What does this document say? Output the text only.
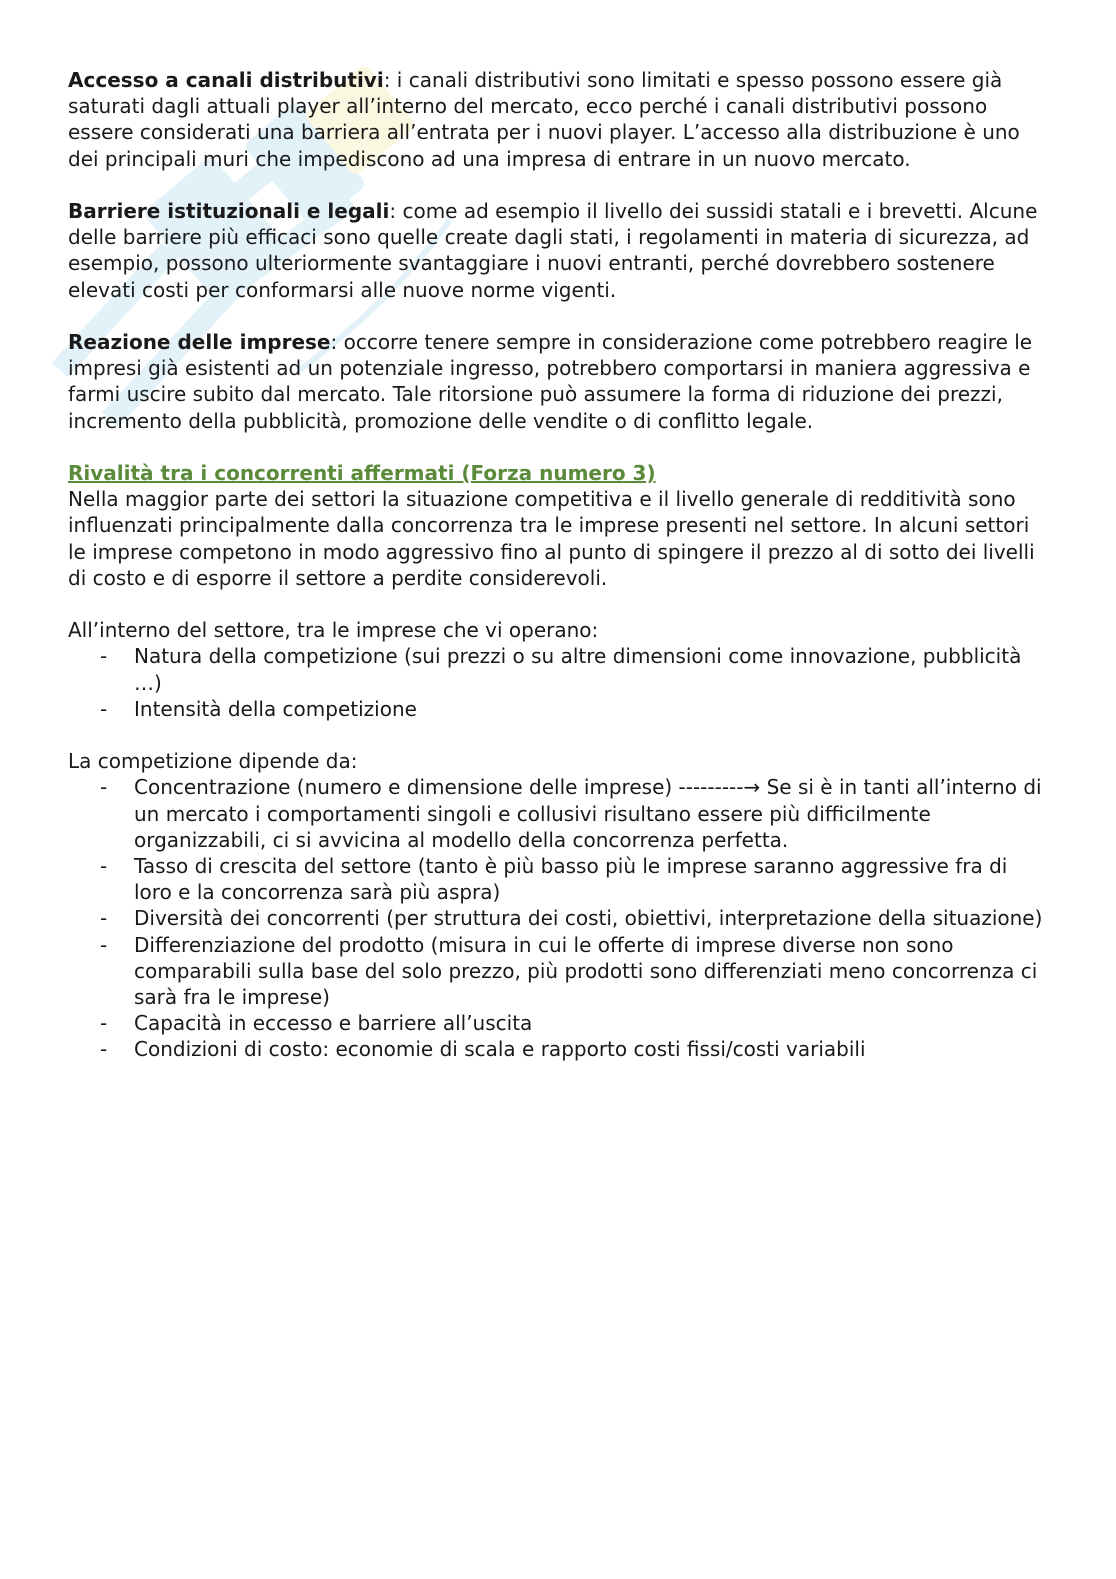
Accesso a canali distributivi: i canali distributivi sono limitati e spesso possono essere già saturati dagli attuali player all’interno del mercato, ecco perché i canali distributivi possono essere considerati una barriera all’entrata per i nuovi player. L’accesso alla distribuzione è uno dei principali muri che impediscono ad una impresa di entrare in un nuovo mercato.

Barriere istituzionali e legali: come ad esempio il livello dei sussidi statali e i brevetti. Alcune delle barriere più efficaci sono quelle create dagli stati, i regolamenti in materia di sicurezza, ad esempio, possono ulteriormente svantaggiare i nuovi entranti, perché dovrebbero sostenere elevati costi per conformarsi alle nuove norme vigenti.

Reazione delle imprese: occorre tenere sempre in considerazione come potrebbero reagire le impresi già esistenti ad un potenziale ingresso, potrebbero comportarsi in maniera aggressiva e farmi uscire subito dal mercato. Tale ritorsione può assumere la forma di riduzione dei prezzi, incremento della pubblicità, promozione delle vendite o di conflitto legale.

Rivalità tra i concorrenti affermati (Forza numero 3)

Nella maggior parte dei settori la situazione competitiva e il livello generale di redditività sono influenzati principalmente dalla concorrenza tra le imprese presenti nel settore. In alcuni settori le imprese competono in modo aggressivo fino al punto di spingere il prezzo al di sotto dei livelli di costo e di esporre il settore a perdite considerevoli.

All’interno del settore, tra le imprese che vi operano:
- Natura della competizione (sui prezzi o su altre dimensioni come innovazione, pubblicità …)
- Intensità della competizione
La competizione dipende da:
- Concentrazione (numero e dimensione delle imprese) ---------→ Se si è in tanti all’interno di un mercato i comportamenti singoli e collusivi risultano essere più difficilmente organizzabili, ci si avvicina al modello della concorrenza perfetta.
- Tasso di crescita del settore (tanto è più basso più le imprese saranno aggressive fra di loro e la concorrenza sarà più aspra)
- Diversità dei concorrenti (per struttura dei costi, obiettivi, interpretazione della situazione)
- Differenziazione del prodotto (misura in cui le offerte di imprese diverse non sono comparabili sulla base del solo prezzo, più prodotti sono differenziati meno concorrenza ci sarà fra le imprese)
- Capacità in eccesso e barriere all’uscita
- Condizioni di costo: economie di scala e rapporto costi fissi/costi variabili
